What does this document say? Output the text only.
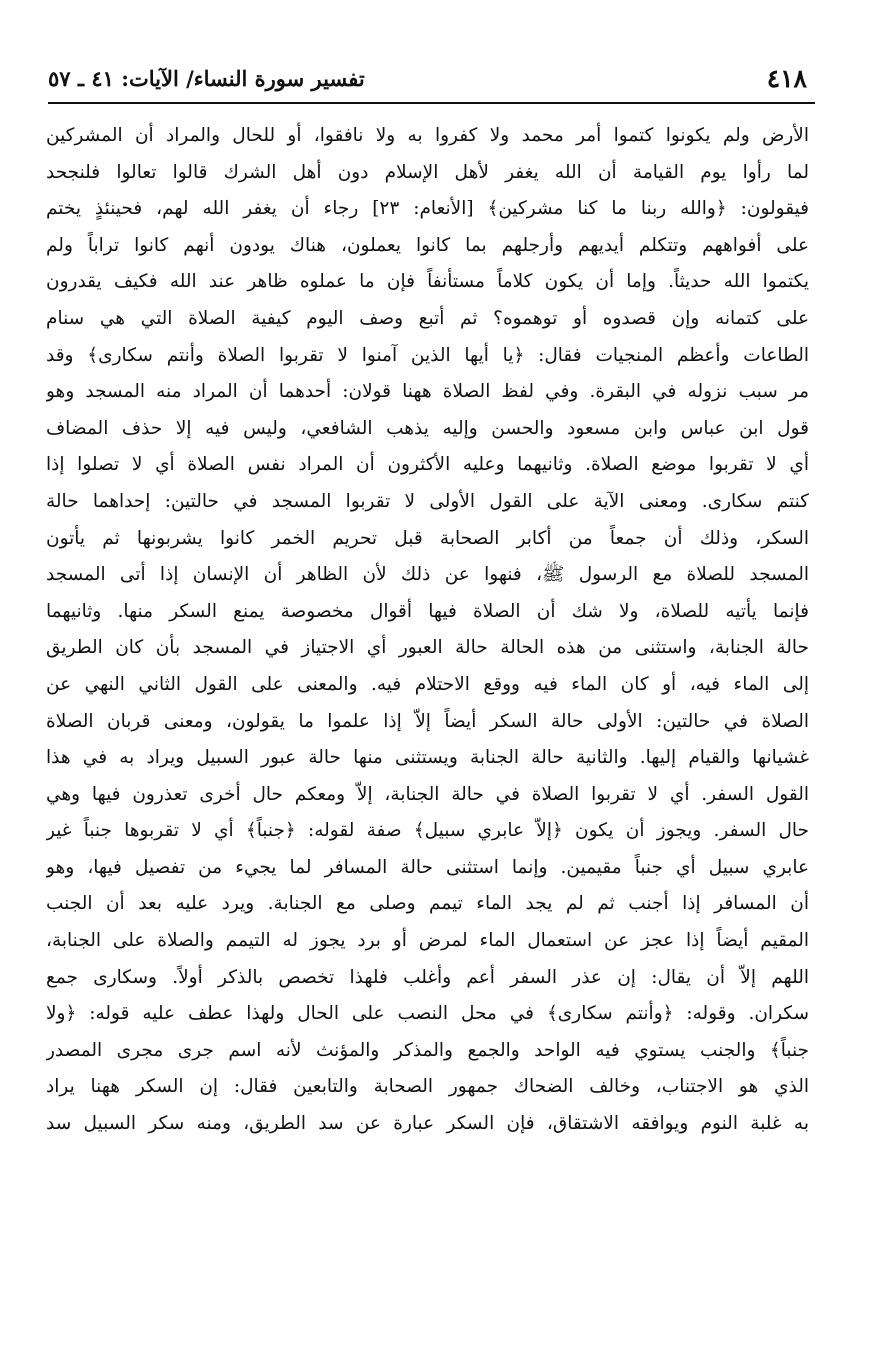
٤١٨
تفسير سورة النساء/ الآيات: ٤١ ـ ٥٧
الأرض ولم يكونوا كتموا أمر محمد ولا كفروا به ولا نافقوا، أو للحال والمراد أن المشركين
لما رأوا يوم القيامة أن الله يغفر لأهل الإسلام دون أهل الشرك قالوا تعالوا فلنجحد
فيقولون: ﴿والله ربنا ما كنا مشركين﴾ [الأنعام: ٢٣] رجاء أن يغفر الله لهم، فحينئذٍ يختم
على أفواههم وتتكلم أيديهم وأرجلهم بما كانوا يعملون، هناك يودون أنهم كانوا تراباً ولم
يكتموا الله حديثاً. وإما أن يكون كلاماً مستأنفاً فإن ما عملوه ظاهر عند الله فكيف يقدرون
على كتمانه وإن قصدوه أو توهموه؟ ثم أتبع وصف اليوم كيفية الصلاة التي هي سنام
الطاعات وأعظم المنجيات فقال: ﴿يا أيها الذين آمنوا لا تقربوا الصلاة وأنتم سكارى﴾ وقد
مر سبب نزوله في البقرة. وفي لفظ الصلاة ههنا قولان: أحدهما أن المراد منه المسجد وهو
قول ابن عباس وابن مسعود والحسن وإليه يذهب الشافعي، وليس فيه إلا حذف المضاف
أي لا تقربوا موضع الصلاة. وثانيهما وعليه الأكثرون أن المراد نفس الصلاة أي لا تصلوا إذا
كنتم سكارى. ومعنى الآية على القول الأولى لا تقربوا المسجد في حالتين: إحداهما حالة
السكر، وذلك أن جمعاً من أكابر الصحابة قبل تحريم الخمر كانوا يشربونها ثم يأتون
المسجد للصلاة مع الرسول ﷺ، فنهوا عن ذلك لأن الظاهر أن الإنسان إذا أتى المسجد
فإنما يأتيه للصلاة، ولا شك أن الصلاة فيها أقوال مخصوصة يمنع السكر منها. وثانيهما
حالة الجنابة، واستثنى من هذه الحالة حالة العبور أي الاجتياز في المسجد بأن كان الطريق
إلى الماء فيه، أو كان الماء فيه ووقع الاحتلام فيه. والمعنى على القول الثاني النهي عن
الصلاة في حالتين: الأولى حالة السكر أيضاً إلاّ إذا علموا ما يقولون، ومعنى قربان الصلاة
غشيانها والقيام إليها. والثانية حالة الجنابة ويستثنى منها حالة عبور السبيل ويراد به في هذا
القول السفر. أي لا تقربوا الصلاة في حالة الجنابة، إلاّ ومعكم حال أخرى تعذرون فيها وهي
حال السفر. ويجوز أن يكون ﴿إلاّ عابري سبيل﴾ صفة لقوله: ﴿جنباً﴾ أي لا تقربوها جنباً غير
عابري سبيل أي جنباً مقيمين. وإنما استثنى حالة المسافر لما يجيء من تفصيل فيها، وهو
أن المسافر إذا أجنب ثم لم يجد الماء تيمم وصلى مع الجنابة. ويرد عليه بعد أن الجنب
المقيم أيضاً إذا عجز عن استعمال الماء لمرض أو برد يجوز له التيمم والصلاة على الجنابة،
اللهم إلاّ أن يقال: إن عذر السفر أعم وأغلب فلهذا تخصص بالذكر أولاً. وسكارى جمع
سكران. وقوله: ﴿وأنتم سكارى﴾ في محل النصب على الحال ولهذا عطف عليه قوله: ﴿ولا
جنباً﴾ والجنب يستوي فيه الواحد والجمع والمذكر والمؤنث لأنه اسم جرى مجرى المصدر
الذي هو الاجتناب، وخالف الضحاك جمهور الصحابة والتابعين فقال: إن السكر ههنا يراد
به غلبة النوم ويوافقه الاشتقاق، فإن السكر عبارة عن سد الطريق، ومنه سكر السبيل سد
